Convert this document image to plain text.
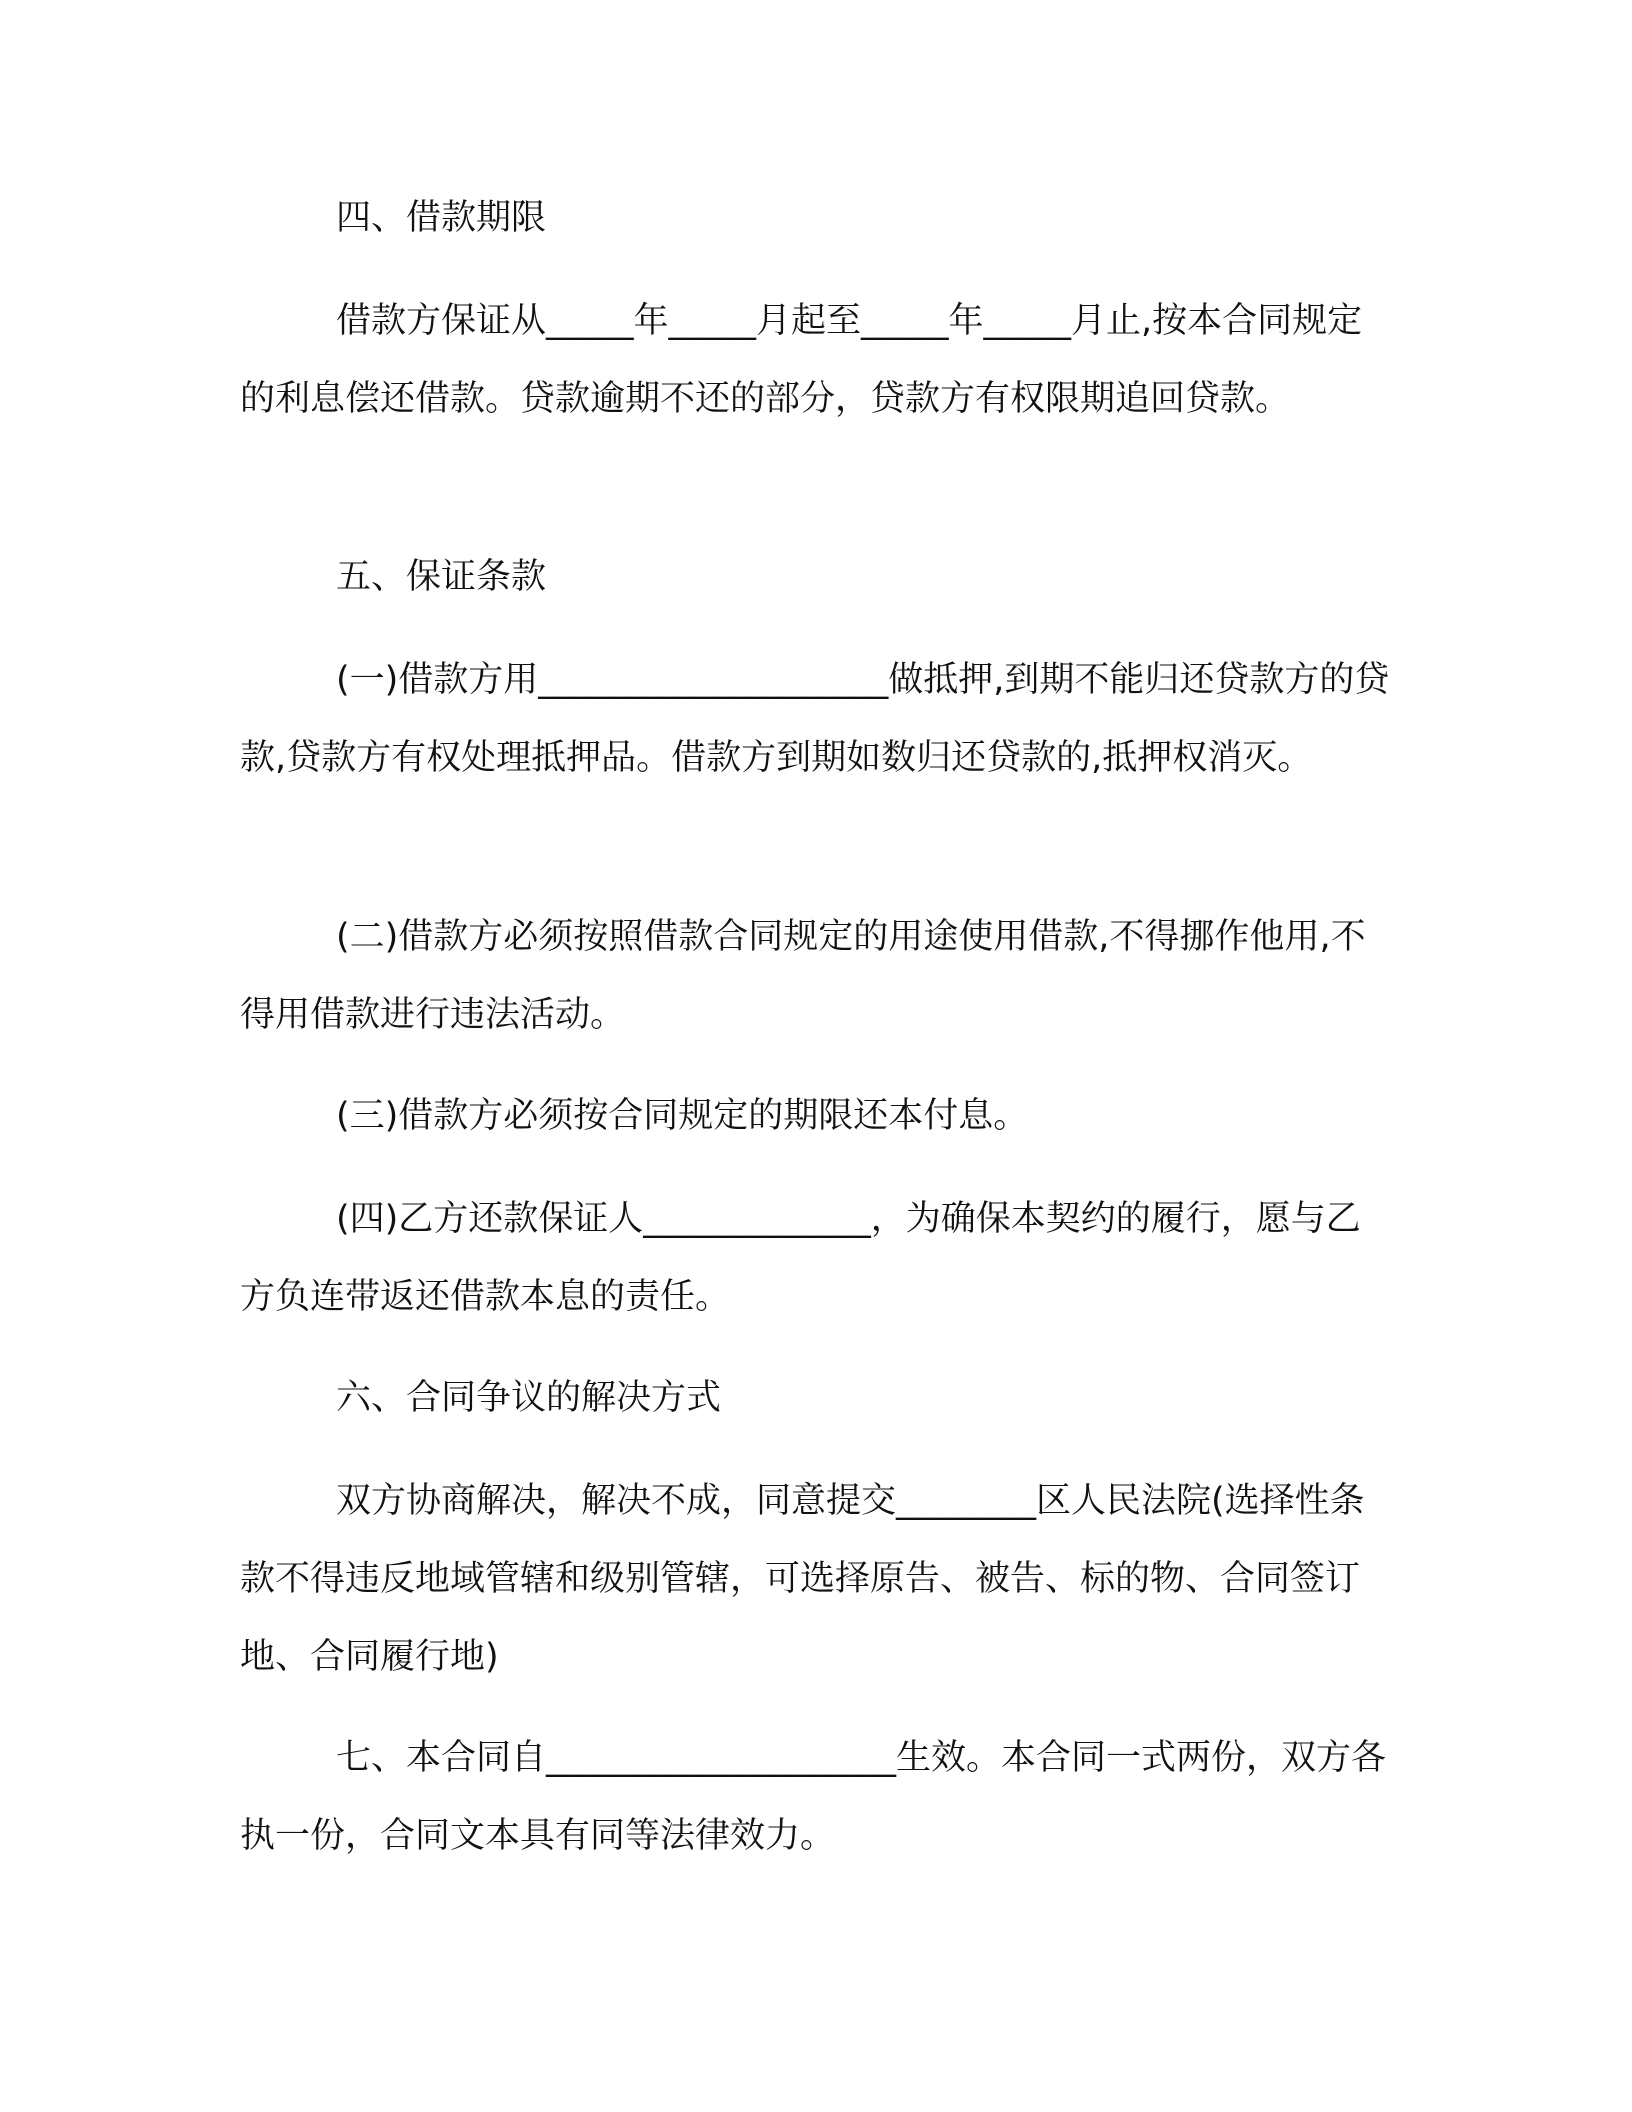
四、借款期限

借款方保证从_____年_____月起至_____年_____月止,按本合同规定的利息偿还借款。贷款逾期不还的部分，贷款方有权限期追回贷款。

五、保证条款

(一)借款方用____________________做抵押,到期不能归还贷款方的贷款,贷款方有权处理抵押品。借款方到期如数归还贷款的,抵押权消灭。

(二)借款方必须按照借款合同规定的用途使用借款,不得挪作他用,不得用借款进行违法活动。

(三)借款方必须按合同规定的期限还本付息。

(四)乙方还款保证人_____________，为确保本契约的履行，愿与乙方负连带返还借款本息的责任。

六、合同争议的解决方式

双方协商解决，解决不成，同意提交________区人民法院(选择性条款不得违反地域管辖和级别管辖，可选择原告、被告、标的物、合同签订地、合同履行地)

七、本合同自____________________生效。本合同一式两份，双方各执一份，合同文本具有同等法律效力。
